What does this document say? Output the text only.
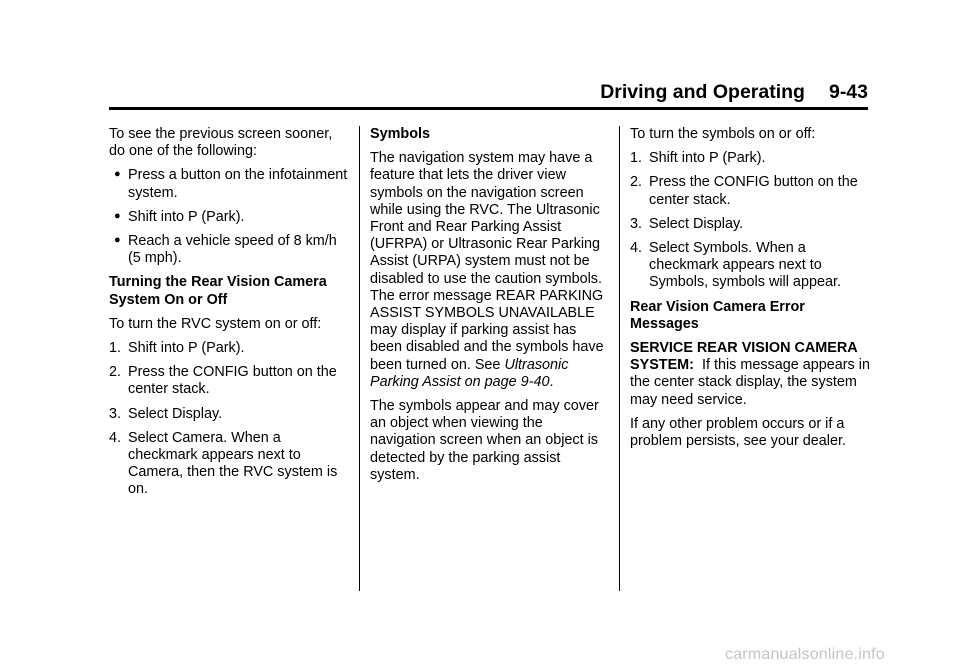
Driving and Operating 9-43

To see the previous screen sooner, do one of the following:

● Press a button on the infotainment system.
● Shift into P (Park).
● Reach a vehicle speed of 8 km/h (5 mph).

Turning the Rear Vision Camera System On or Off

To turn the RVC system on or off:

1. Shift into P (Park).
2. Press the CONFIG button on the center stack.
3. Select Display.
4. Select Camera. When a checkmark appears next to Camera, then the RVC system is on.

Symbols

The navigation system may have a feature that lets the driver view symbols on the navigation screen while using the RVC. The Ultrasonic Front and Rear Parking Assist (UFRPA) or Ultrasonic Rear Parking Assist (URPA) system must not be disabled to use the caution symbols. The error message REAR PARKING ASSIST SYMBOLS UNAVAILABLE may display if parking assist has been disabled and the symbols have been turned on. See Ultrasonic Parking Assist on page 9-40.

The symbols appear and may cover an object when viewing the navigation screen when an object is detected by the parking assist system.

To turn the symbols on or off:

1. Shift into P (Park).
2. Press the CONFIG button on the center stack.
3. Select Display.
4. Select Symbols. When a checkmark appears next to Symbols, symbols will appear.

Rear Vision Camera Error Messages

SERVICE REAR VISION CAMERA SYSTEM: If this message appears in the center stack display, the system may need service.

If any other problem occurs or if a problem persists, see your dealer.

carmanualsonline.info
